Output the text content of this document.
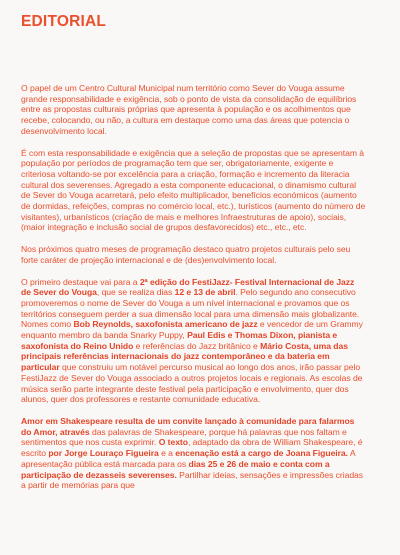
EDITORIAL

O papel de um Centro Cultural Municipal num território como Sever do Vouga assume grande responsabilidade e exigência, sob o ponto de vista da consolidação de equilíbrios entre as propostas culturais próprias que apresenta à população e os acolhimentos que recebe, colocando, ou não, a cultura em destaque como uma das áreas que potencia o desenvolvimento local.

É com esta responsabilidade e exigência que a seleção de propostas que se apresentam à população por períodos de programação tem que ser, obrigatoriamente, exigente e criteriosa voltando-se por excelência para a criação, formação e incremento da literacia cultural dos severenses. Agregado a esta componente educacional, o dinamismo cultural de Sever do Vouga acarretará, pelo efeito multiplicador, benefícios económicos (aumento de dormidas, refeições, compras no comércio local, etc.), turísticos (aumento do número de visitantes), urbanísticos (criação de mais e melhores Infraestruturas de apoio), sociais, (maior integração e inclusão social de grupos desfavorecidos) etc., etc., etc.

Nos próximos quatro meses de programação destaco quatro projetos culturais pelo seu forte caráter de projeção internacional e de (des)envolvimento local.

O primeiro destaque vai para a 2ª edição do FestiJazz- Festival Internacional de Jazz de Sever do Vouga, que se realiza dias 12 e 13 de abril. Pelo segundo ano consecutivo promoveremos o nome de Sever do Vouga a um nível internacional e provamos que os territórios conseguem perder a sua dimensão local para uma dimensão mais globalizante. Nomes como Bob Reynolds, saxofonista americano de jazz e vencedor de um Grammy enquanto membro da banda Snarky Puppy, Paul Edis e Thomas Dixon, pianista e saxofonista do Reino Unido e referências do Jazz britânico e Mário Costa, uma das principais referências internacionais do jazz contemporâneo e da bateria em particular que construiu um notável percurso musical ao longo dos anos, irão passar pelo FestiJazz de Sever do Vouga associado a outros projetos locais e regionais. As escolas de música serão parte integrante deste festival pela participação e envolvimento, quer dos alunos, quer dos professores e restante comunidade educativa.

Amor em Shakespeare resulta de um convite lançado à comunidade para falarmos do Amor, através das palavras de Shakespeare, porque há palavras que nos faltam e sentimentos que nos custa exprimir. O texto, adaptado da obra de William Shakespeare, é escrito por Jorge Louraço Figueira e a encenação está a cargo de Joana Figueira. A apresentação pública está marcada para os dias 25 e 26 de maio e conta com a participação de dezasseis severenses. Partilhar ideias, sensações e impressões criadas a partir de memórias para que
